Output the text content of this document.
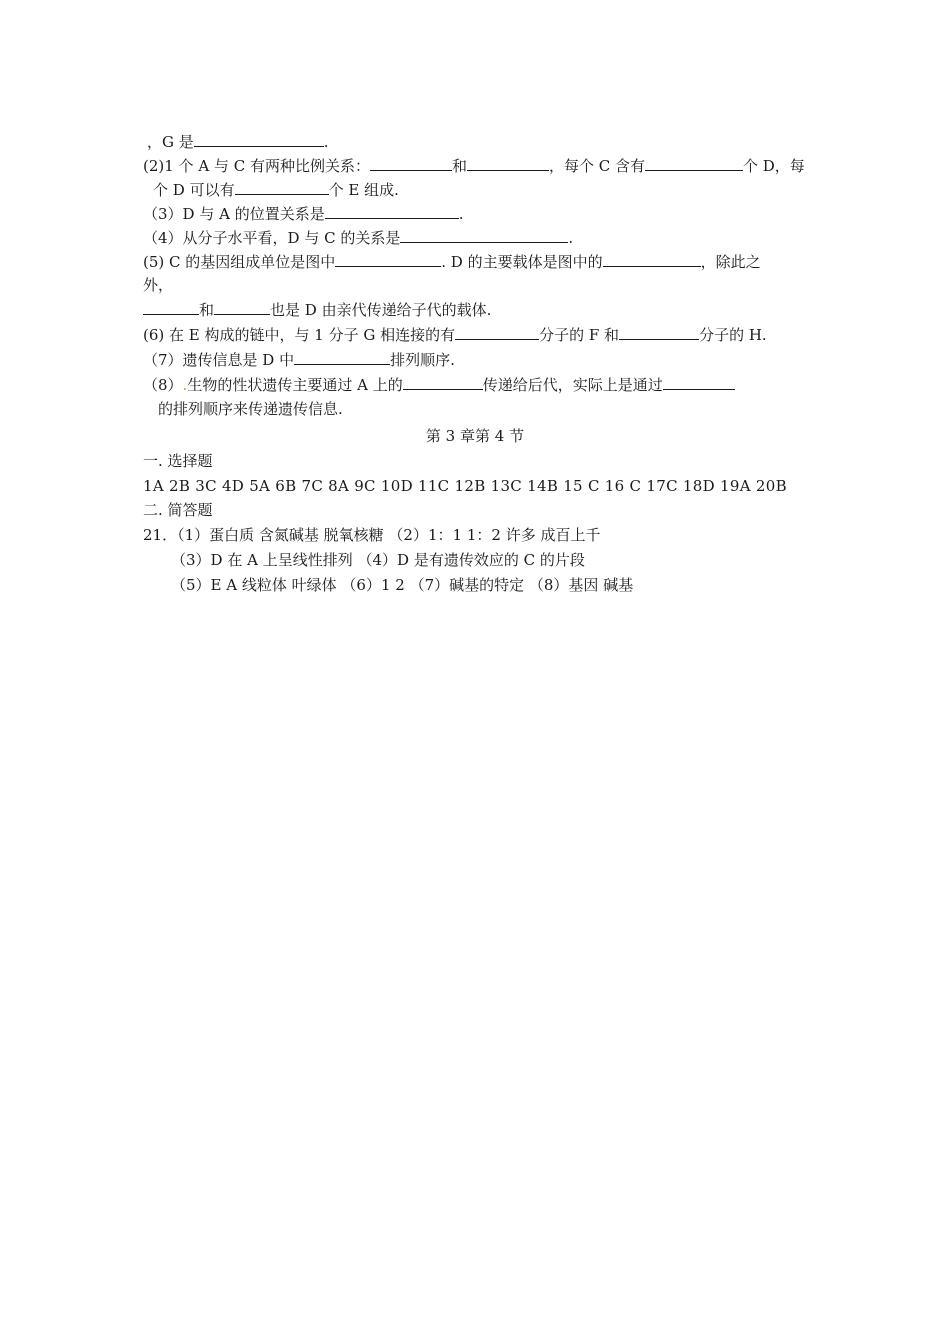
，G 是	.
(2)1 个 A 与 C 有两种比例关系：	和	，每个 C 含有	个 D，每
个 D 可以有	个 E 组成.
（3）D 与 A 的位置关系是	.
（4）从分子水平看，D 与 C 的关系是	.
(5) C 的基因组成单位是图中	. D 的主要载体是图中的	，除此之
外，
和	也是 D 由亲代传递给子代的载体.
(6) 在 E 构成的链中，与 1 分子 G 相连接的有	分子的 F 和	分子的 H.
（7）遗传信息是 D 中	排列顺序.
（8）.生物的性状遗传主要通过 A 上的	传递给后代，实际上是通过
的排列顺序来传递遗传信息.
第 3 章第 4 节
一. 选择题
1A 2B 3C 4D 5A 6B 7C 8A 9C 10D 11C 12B 13C 14B 15 C 16 C 17C 18D 19A 20B
二. 简答题
21．（1）蛋白质 含氮碱基 脱氧核糖 （2）1：1 1：2 许多 成百上千
（3）D 在 A 上呈线性排列 （4）D 是有遗传效应的 C 的片段
（5）E A 线粒体 叶绿体 （6）1 2 （7）碱基的特定 （8）基因 碱基
